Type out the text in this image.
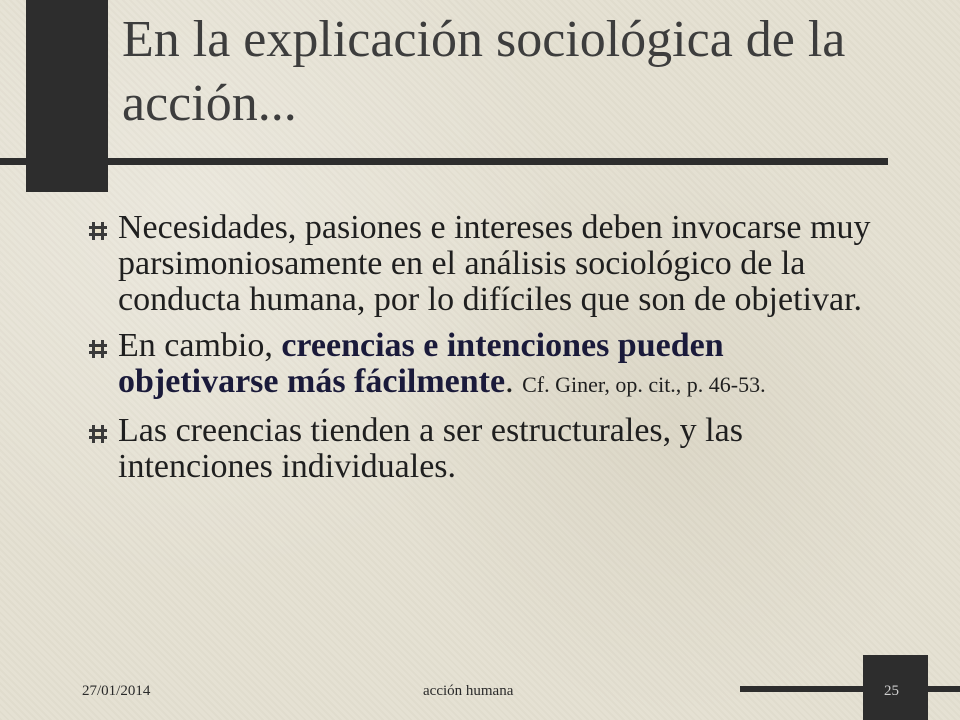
En la explicación sociológica de la acción...
Necesidades, pasiones e intereses deben invocarse muy parsimoniosamente en el análisis sociológico de la conducta humana, por lo difíciles que son de objetivar.
En cambio, creencias e intenciones pueden objetivarse más fácilmente. Cf. Giner, op. cit., p. 46-53.
Las creencias tienden a ser estructurales, y las intenciones individuales.
27/01/2014	acción humana	25
